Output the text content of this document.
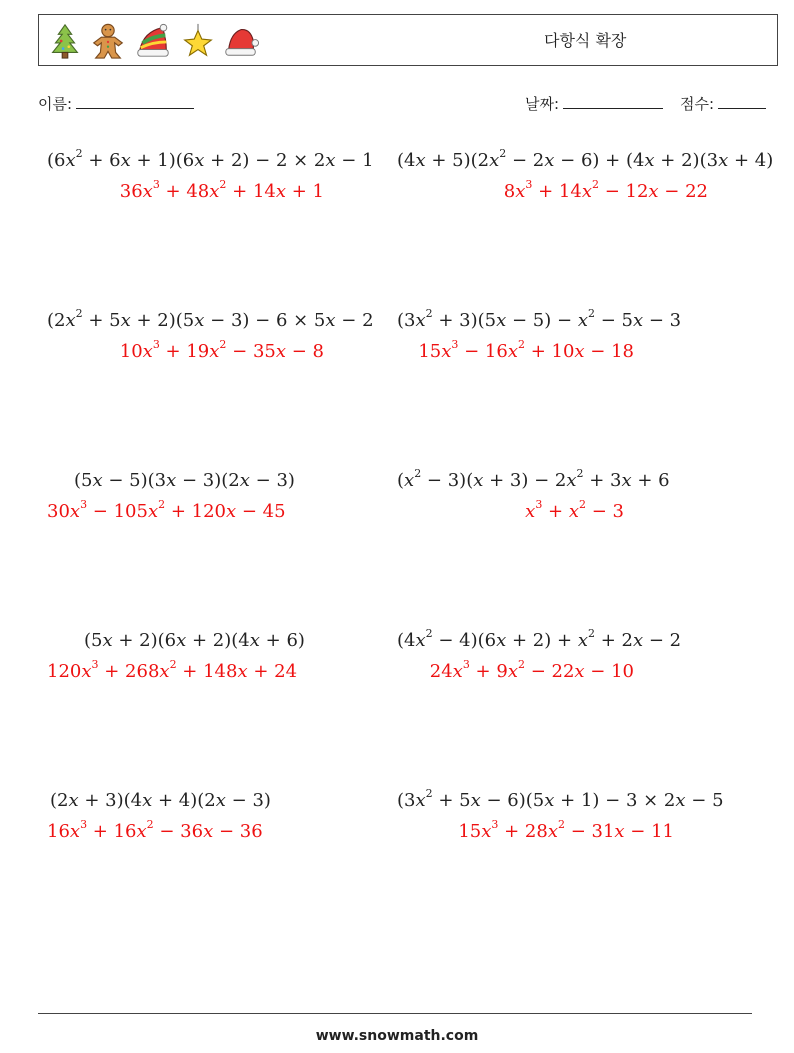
다항식 확장
이름:	날짜:	점수:
$(6x^2 + 6x + 1)(6x + 2) - 2 \times 2x - 1$
$36x^3 + 48x^2 + 14x + 1$
$(4x + 5)(2x^2 - 2x - 6) + (4x + 2)(3x + 4)$
$8x^3 + 14x^2 - 12x - 22$
$(2x^2 + 5x + 2)(5x - 3) - 6 \times 5x - 2$
$10x^3 + 19x^2 - 35x - 8$
$(3x^2 + 3)(5x - 5) - x^2 - 5x - 3$
$15x^3 - 16x^2 + 10x - 18$
(5x − 5)(3x − 3)(2x − 3)
$30x^3 - 105x^2 + 120x - 45$
$(x^2 - 3)(x + 3) - 2x^2 + 3x + 6$
$x^3 + x^2 - 3$
(5x + 2)(6x + 2)(4x + 6)
$120x^3 + 268x^2 + 148x + 24$
$(4x^2 - 4)(6x + 2) + x^2 + 2x - 2$
$24x^3 + 9x^2 - 22x - 10$
(2x + 3)(4x + 4)(2x − 3)
$16x^3 + 16x^2 - 36x - 36$
$(3x^2 + 5x - 6)(5x + 1) - 3 \times 2x - 5$
$15x^3 + 28x^2 - 31x - 11$
www.snowmath.com
